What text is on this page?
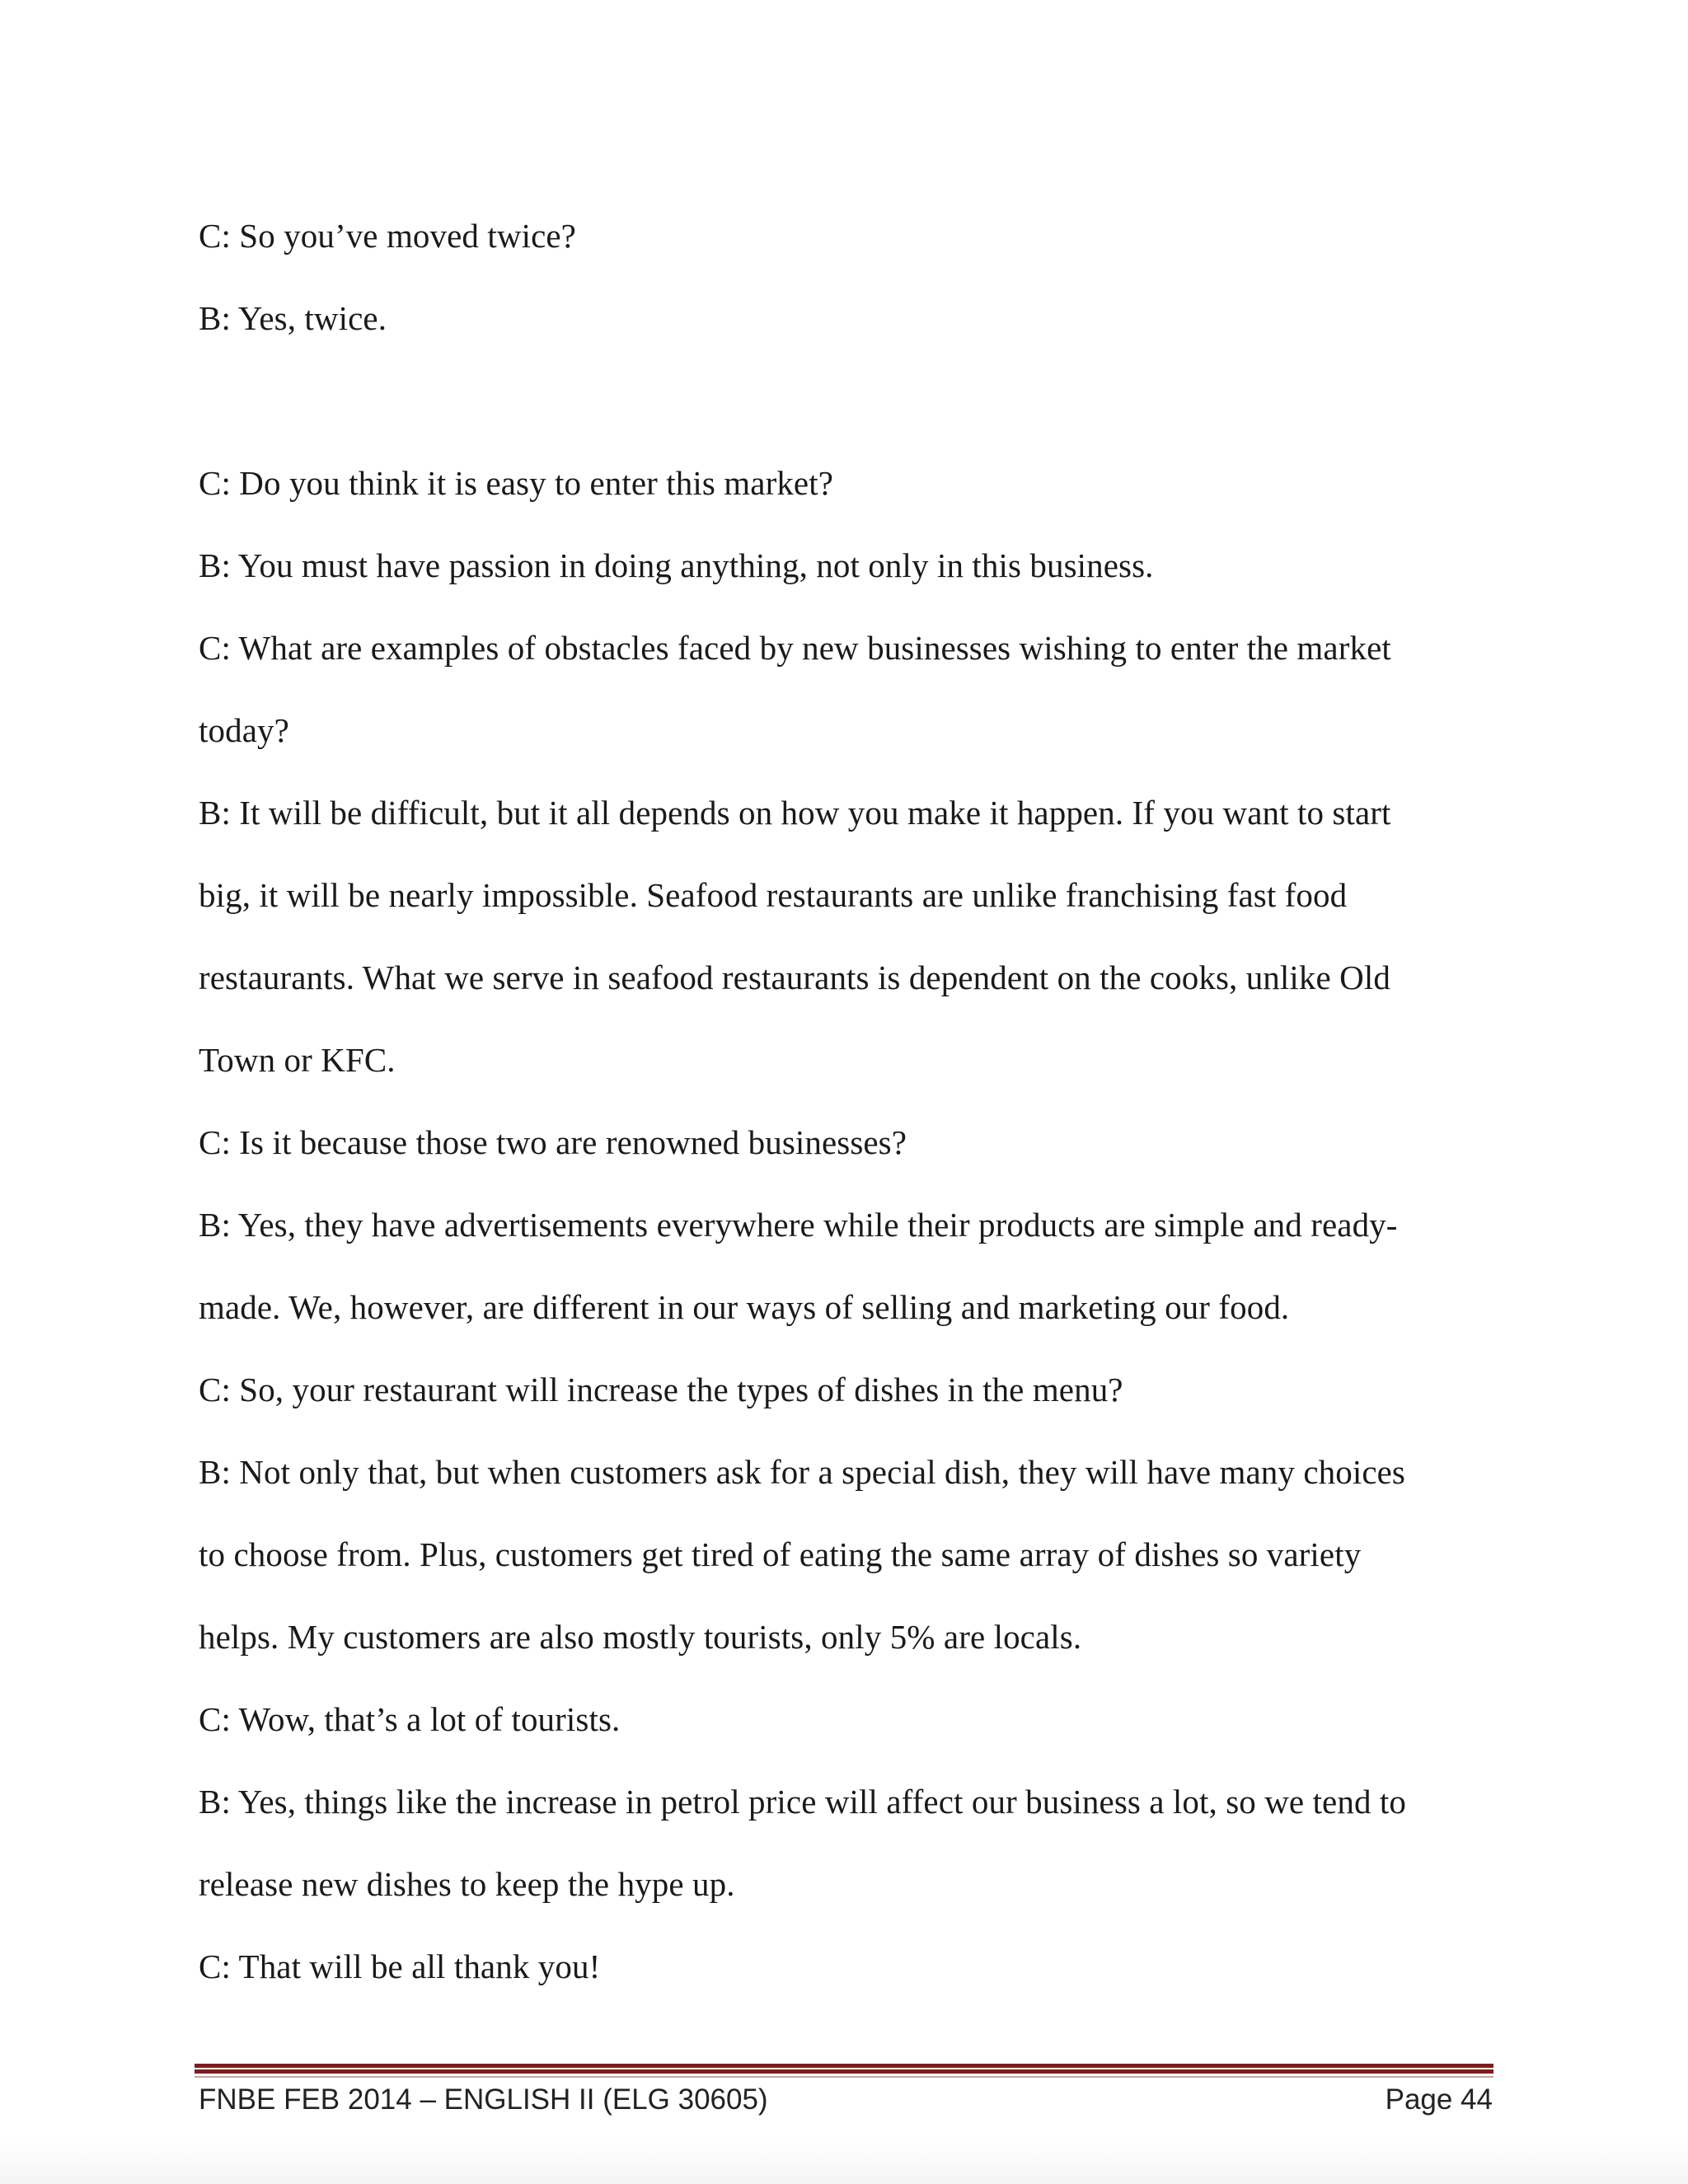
C: So you’ve moved twice?
B: Yes, twice.
C: Do you think it is easy to enter this market?
B: You must have passion in doing anything, not only in this business.
C: What are examples of obstacles faced by new businesses wishing to enter the market
today?
B: It will be difficult, but it all depends on how you make it happen. If you want to start
big, it will be nearly impossible. Seafood restaurants are unlike franchising fast food
restaurants. What we serve in seafood restaurants is dependent on the cooks, unlike Old
Town or KFC.
C: Is it because those two are renowned businesses?
B: Yes, they have advertisements everywhere while their products are simple and ready-
made. We, however, are different in our ways of selling and marketing our food.
C: So, your restaurant will increase the types of dishes in the menu?
B: Not only that, but when customers ask for a special dish, they will have many choices
to choose from. Plus, customers get tired of eating the same array of dishes so variety
helps. My customers are also mostly tourists, only 5% are locals.
C: Wow, that’s a lot of tourists.
B: Yes, things like the increase in petrol price will affect our business a lot, so we tend to
release new dishes to keep the hype up.
C: That will be all thank you!
FNBE FEB 2014 – ENGLISH II (ELG 30605)	Page 44
